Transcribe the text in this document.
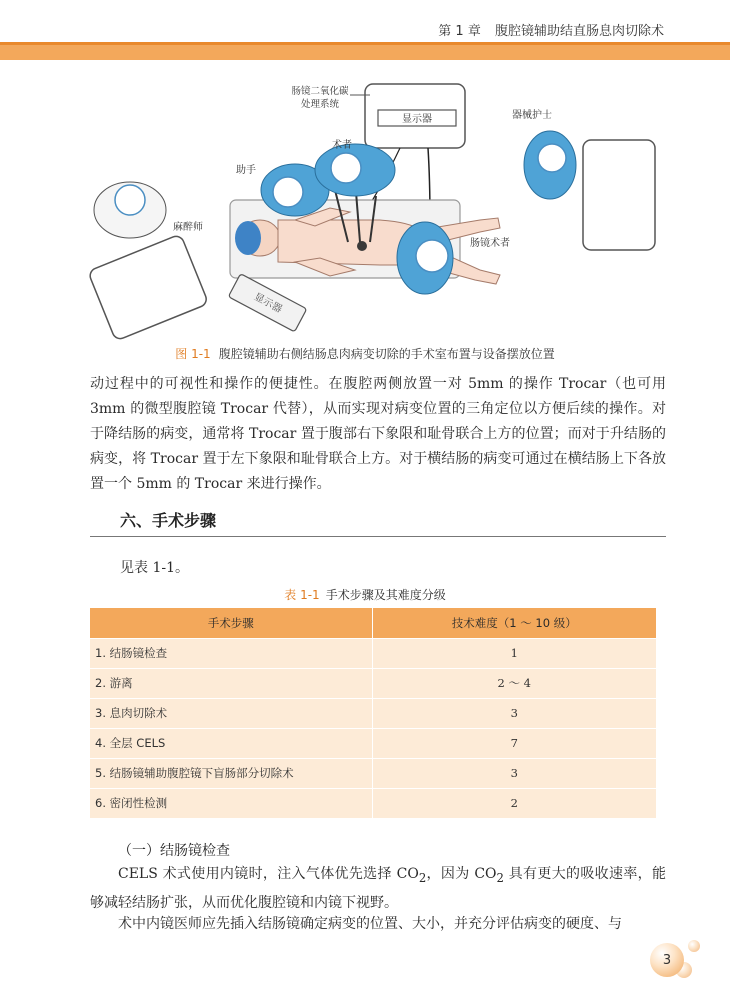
第 1 章 腹腔镜辅助结直肠息肉切除术
显示器
肠镜二氧化碳
处理系统
助手
术者
肠镜术者
麻醉师
器械护士
显示器
图 1-1 腹腔镜辅助右侧结肠息肉病变切除的手术室布置与设备摆放位置

动过程中的可视性和操作的便捷性。在腹腔两侧放置一对 5mm 的操作 Trocar（也可用 3mm 的微型腹腔镜 Trocar 代替），从而实现对病变位置的三角定位以方便后续的操作。对于降结肠的病变，通常将 Trocar 置于腹部右下象限和耻骨联合上方的位置；而对于升结肠的病变，将 Trocar 置于左下象限和耻骨联合上方。对于横结肠的病变可通过在横结肠上下各放置一个 5mm 的 Trocar 来进行操作。

六、手术步骤

见表 1-1。

表 1-1 手术步骤及其难度分级
手术步骤	技术难度（1 ～ 10 级）
1. 结肠镜检查	1
2. 游离	2 ～ 4
3. 息肉切除术	3
4. 全层 CELS	7
5. 结肠镜辅助腹腔镜下盲肠部分切除术	3
6. 密闭性检测	2
（一）结肠镜检查

CELS 术式使用内镜时，注入气体优先选择 $CO_2$，因为 $CO_2$ 具有更大的吸收速率，能够减轻结肠扩张，从而优化腹腔镜和内镜下视野。

术中内镜医师应先插入结肠镜确定病变的位置、大小，并充分评估病变的硬度、与

3
